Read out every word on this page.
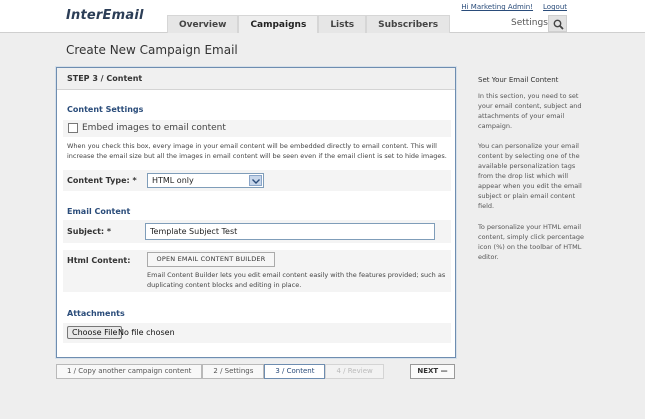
InterEmail
Overview	Campaigns	Lists	Subscribers
Hi Marketing Admin! Logout
Settings
Create New Campaign Email
STEP 3 / Content
Content Settings
Embed images to email content
When you check this box, every image in your email content will be embedded directly to email content. This will
increase the email size but all the images in email content will be seen even if the email client is set to hide images.
Content Type: *	HTML only
Email Content
Subject: *	Template Subject Test
Html Content:	OPEN EMAIL CONTENT BUILDER
Email Content Builder lets you edit email content easily with the features provided; such as
duplicating content blocks and editing in place.
Attachments
Choose File No file chosen
1 / Copy another campaign content	2 / Settings	3 / Content	4 / Review	NEXT —
Set Your Email Content
In this section, you need to set
your email content, subject and
attachments of your email
campaign.
You can personalize your email
content by selecting one of the
available personalization tags
from the drop list which will
appear when you edit the email
subject or plain email content
field.
To personalize your HTML email
content, simply click percentage
icon (%) on the toolbar of HTML
editor.
